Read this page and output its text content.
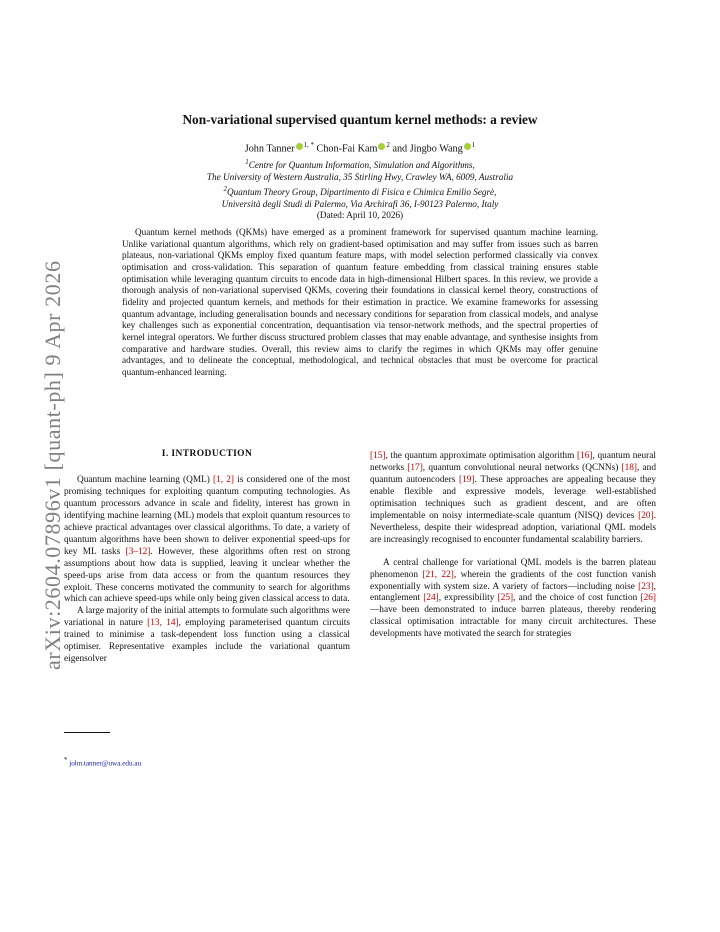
arXiv:2604.07896v1 [quant-ph] 9 Apr 2026
Non-variational supervised quantum kernel methods: a review
John Tanner $^{1, *}$ Chon-Fai Kam $^2$ and Jingbo Wang $^1$
$^1$Centre for Quantum Information, Simulation and Algorithms,
The University of Western Australia, 35 Stirling Hwy, Crawley WA, 6009, Australia
$^2$Quantum Theory Group, Dipartimento di Fisica e Chimica Emilio Segrè,
Università degli Studi di Palermo, Via Archirafi 36, I-90123 Palermo, Italy
(Dated: April 10, 2026)
Quantum kernel methods (QKMs) have emerged as a prominent framework for supervised quantum machine learning. Unlike variational quantum algorithms, which rely on gradient-based optimisation and may suffer from issues such as barren plateaus, non-variational QKMs employ fixed quantum feature maps, with model selection performed classically via convex optimisation and cross-validation. This separation of quantum feature embedding from classical training ensures stable optimisation while leveraging quantum circuits to encode data in high-dimensional Hilbert spaces. In this review, we provide a thorough analysis of non-variational supervised QKMs, covering their foundations in classical kernel theory, constructions of fidelity and projected quantum kernels, and methods for their estimation in practice. We examine frameworks for assessing quantum advantage, including generalisation bounds and necessary conditions for separation from classical models, and analyse key challenges such as exponential concentration, dequantisation via tensor-network methods, and the spectral properties of kernel integral operators. We further discuss structured problem classes that may enable advantage, and synthesise insights from comparative and hardware studies. Overall, this review aims to clarify the regimes in which QKMs may offer genuine advantages, and to delineate the conceptual, methodological, and technical obstacles that must be overcome for practical quantum-enhanced learning.
I. INTRODUCTION

Quantum machine learning (QML) [1, 2] is considered one of the most promising techniques for exploiting quantum computing technologies. As quantum processors advance in scale and fidelity, interest has grown in identifying machine learning (ML) models that exploit quantum resources to achieve practical advantages over classical algorithms. To date, a variety of quantum algorithms have been shown to deliver exponential speed-ups for key ML tasks [3–12]. However, these algorithms often rest on strong assumptions about how data is supplied, leaving it unclear whether the speed-ups arise from data access or from the quantum resources they exploit. These concerns motivated the community to search for algorithms which can achieve speed-ups while only being given classical access to data.

A large majority of the initial attempts to formulate such algorithms were variational in nature [13, 14], employing parameterised quantum circuits trained to minimise a task-dependent loss function using a classical optimiser. Representative examples include the variational quantum eigensolver

[15], the quantum approximate optimisation algorithm [16], quantum neural networks [17], quantum convolutional neural networks (QCNNs) [18], and quantum autoencoders [19]. These approaches are appealing because they enable flexible and expressive models, leverage well-established optimisation techniques such as gradient descent, and are often implementable on noisy intermediate-scale quantum (NISQ) devices [20]. Nevertheless, despite their widespread adoption, variational QML models are increasingly recognised to encounter fundamental scalability barriers.

A central challenge for variational QML models is the barren plateau phenomenon [21, 22], wherein the gradients of the cost function vanish exponentially with system size. A variety of factors—including noise [23], entanglement [24], expressibility [25], and the choice of cost function [26]—have been demonstrated to induce barren plateaus, thereby rendering classical optimisation intractable for many circuit architectures. These developments have motivated the search for strategies

* john.tanner@uwa.edu.au
